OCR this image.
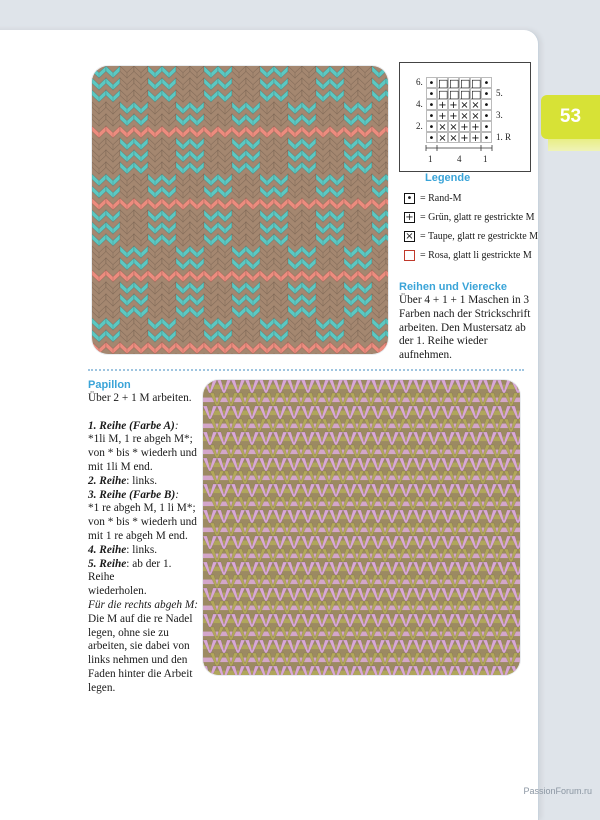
53
• □ □ □ □ •
• □ □ □ □ •
• + + × × •
• + + × × •
• × × + + •
• × × + + •
6.
4.
2.
5.
3.
1. R
1	4 1
Legende
• = Rand-M
+ = Grün, glatt re gestrickte M
× = Taupe, glatt re gestrickte M
= Rosa, glatt li gestrickte M
Reihen und Vierecke

Über 4 + 1 + 1 Maschen in 3

Farben nach der Strickschrift

arbeiten. Den Mustersatz ab

der 1. Reihe wieder aufnehmen.

Papillon

Über 2 + 1 M arbeiten.

1. Reihe (Farbe A):

*1li M, 1 re abgeh M*;

von * bis * wiederh und

mit 1li M end.

2. Reihe: links.

3. Reihe (Farbe B):

*1 re abgeh M, 1 li M*;

von * bis * wiederh und

mit 1 re abgeh M end.

4. Reihe: links.

5. Reihe: ab der 1. Reihe

wiederholen.

Für die rechts abgeh M:

Die M auf die re Nadel

legen, ohne sie zu

arbeiten, sie dabei von

links nehmen und den

Faden hinter die Arbeit

legen.

PassionForum.ru
